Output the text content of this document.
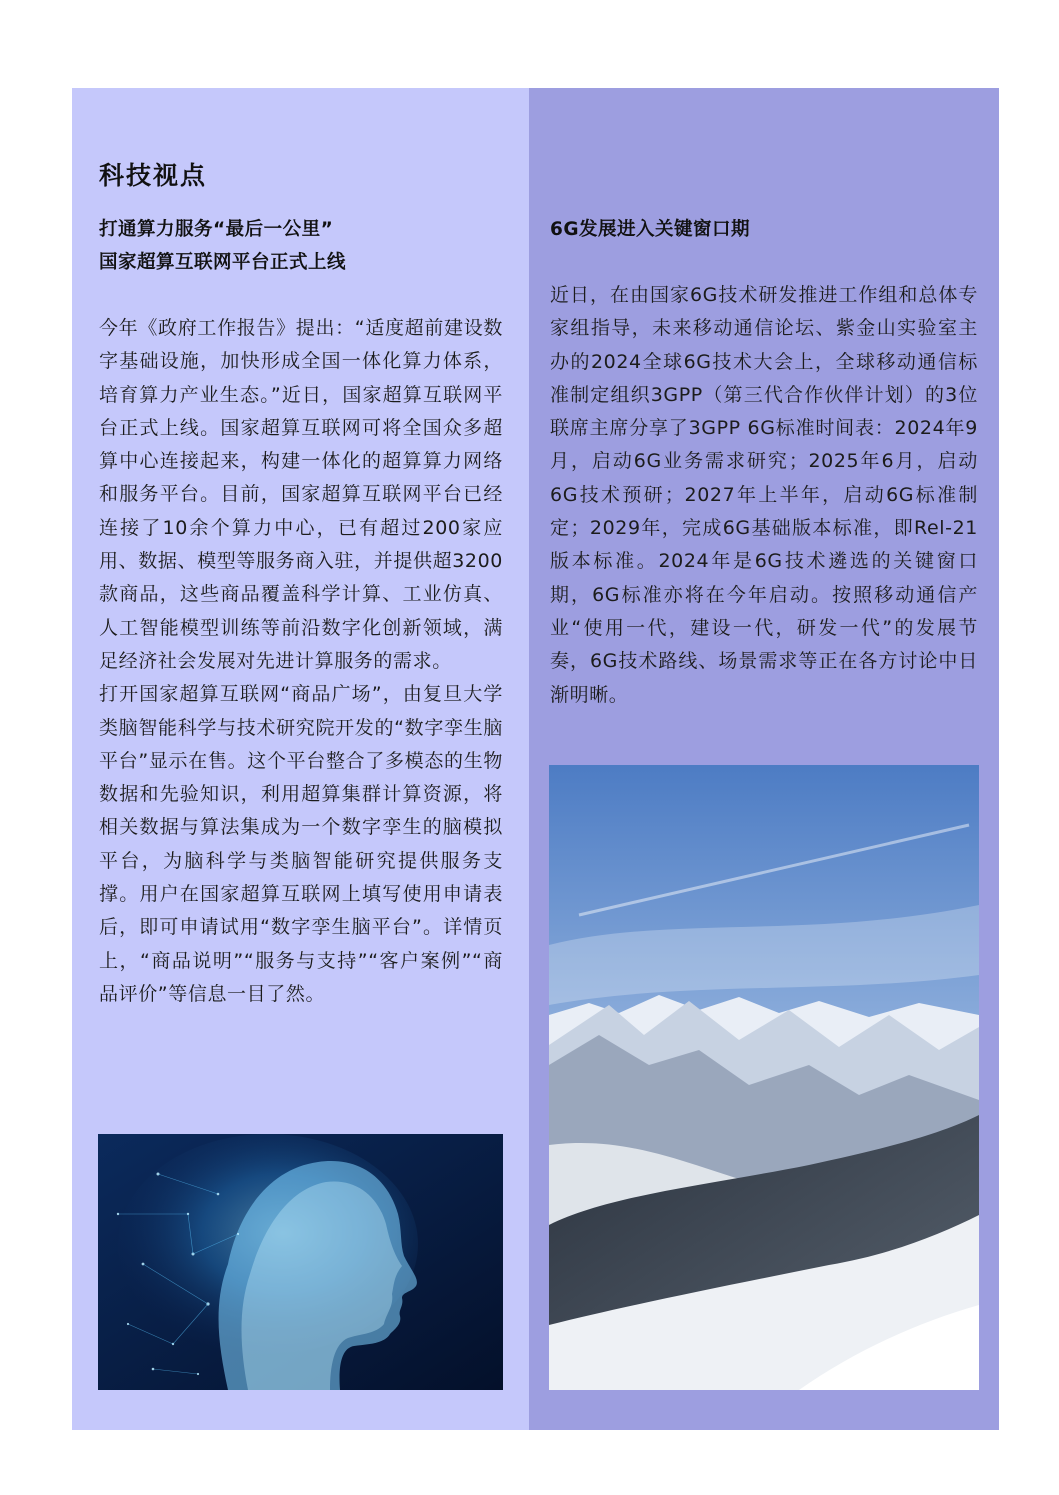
科技视点
打通算力服务“最后一公里”
国家超算互联网平台正式上线

今年《政府工作报告》提出：“适度超前建设数字基础设施，加快形成全国一体化算力体系，培育算力产业生态。”近日，国家超算互联网平台正式上线。国家超算互联网可将全国众多超算中心连接起来，构建一体化的超算算力网络和服务平台。目前，国家超算互联网平台已经连接了10余个算力中心，已有超过200家应用、数据、模型等服务商入驻，并提供超3200款商品，这些商品覆盖科学计算、工业仿真、人工智能模型训练等前沿数字化创新领域，满足经济社会发展对先进计算服务的需求。

打开国家超算互联网“商品广场”，由复旦大学类脑智能科学与技术研究院开发的“数字孪生脑平台”显示在售。这个平台整合了多模态的生物数据和先验知识，利用超算集群计算资源，将相关数据与算法集成为一个数字孪生的脑模拟平台，为脑科学与类脑智能研究提供服务支撑。用户在国家超算互联网上填写使用申请表后，即可申请试用“数字孪生脑平台”。详情页上，“商品说明”“服务与支持”“客户案例”“商品评价”等信息一目了然。

6G发展进入关键窗口期

近日，在由国家6G技术研发推进工作组和总体专家组指导，未来移动通信论坛、紫金山实验室主办的2024全球6G技术大会上，全球移动通信标准制定组织3GPP（第三代合作伙伴计划）的3位联席主席分享了3GPP 6G标准时间表：2024年9月，启动6G业务需求研究；2025年6月，启动6G技术预研；2027年上半年，启动6G标准制定；2029年，完成6G基础版本标准，即Rel-21版本标准。2024年是6G技术遴选的关键窗口期，6G标准亦将在今年启动。按照移动通信产业“使用一代，建设一代，研发一代”的发展节奏，6G技术路线、场景需求等正在各方讨论中日渐明晰。
